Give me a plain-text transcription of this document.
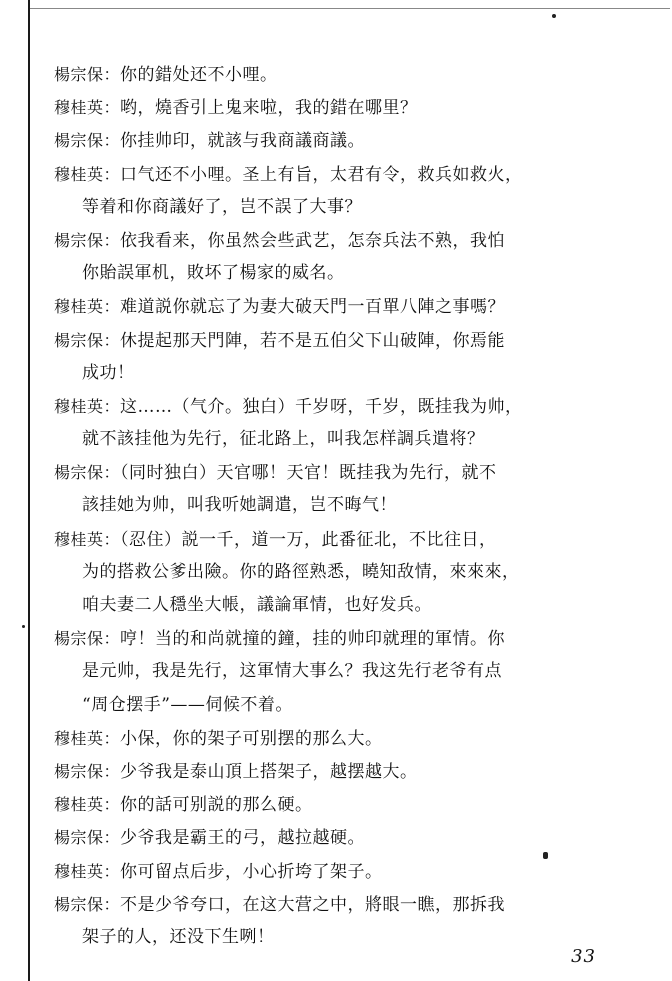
楊宗保：你的錯处还不小哩。
穆桂英：哟，燒香引上鬼来啦，我的錯在哪里？
楊宗保：你挂帅印，就該与我商議商議。
穆桂英：口气还不小哩。圣上有旨，太君有令，救兵如救火，
等着和你商議好了，岂不誤了大事？
楊宗保：依我看来，你虽然会些武艺，怎奈兵法不熟，我怕
你貽誤軍机，敗坏了楊家的威名。
穆桂英：难道説你就忘了为妻大破天門一百單八陣之事嗎？
楊宗保：休提起那天門陣，若不是五伯父下山破陣，你焉能
成功！
穆桂英：这……（气介。独白）千岁呀，千岁，既挂我为帅，
就不該挂他为先行，征北路上，叫我怎样調兵遣将？
楊宗保：（同时独白）天官哪！天官！既挂我为先行，就不
該挂她为帅，叫我听她調遣，岂不晦气！
穆桂英：（忍住）説一千，道一万，此番征北，不比往日，
为的搭救公爹出險。你的路徑熟悉，曉知敌情，來來來，
咱夫妻二人穩坐大帳，議論軍情，也好发兵。
楊宗保：哼！当的和尚就撞的鐘，挂的帅印就理的軍情。你
是元帅，我是先行，这軍情大事么？我这先行老爷有点
“周仓摆手”——伺候不着。
穆桂英：小保，你的架子可别摆的那么大。
楊宗保：少爷我是泰山頂上搭架子，越摆越大。
穆桂英：你的話可别説的那么硬。
楊宗保：少爷我是霸王的弓，越拉越硬。
穆桂英：你可留点后步，小心折垮了架子。
楊宗保：不是少爷夸口，在这大营之中，將眼一瞧，那拆我
架子的人，还没下生咧！
33
